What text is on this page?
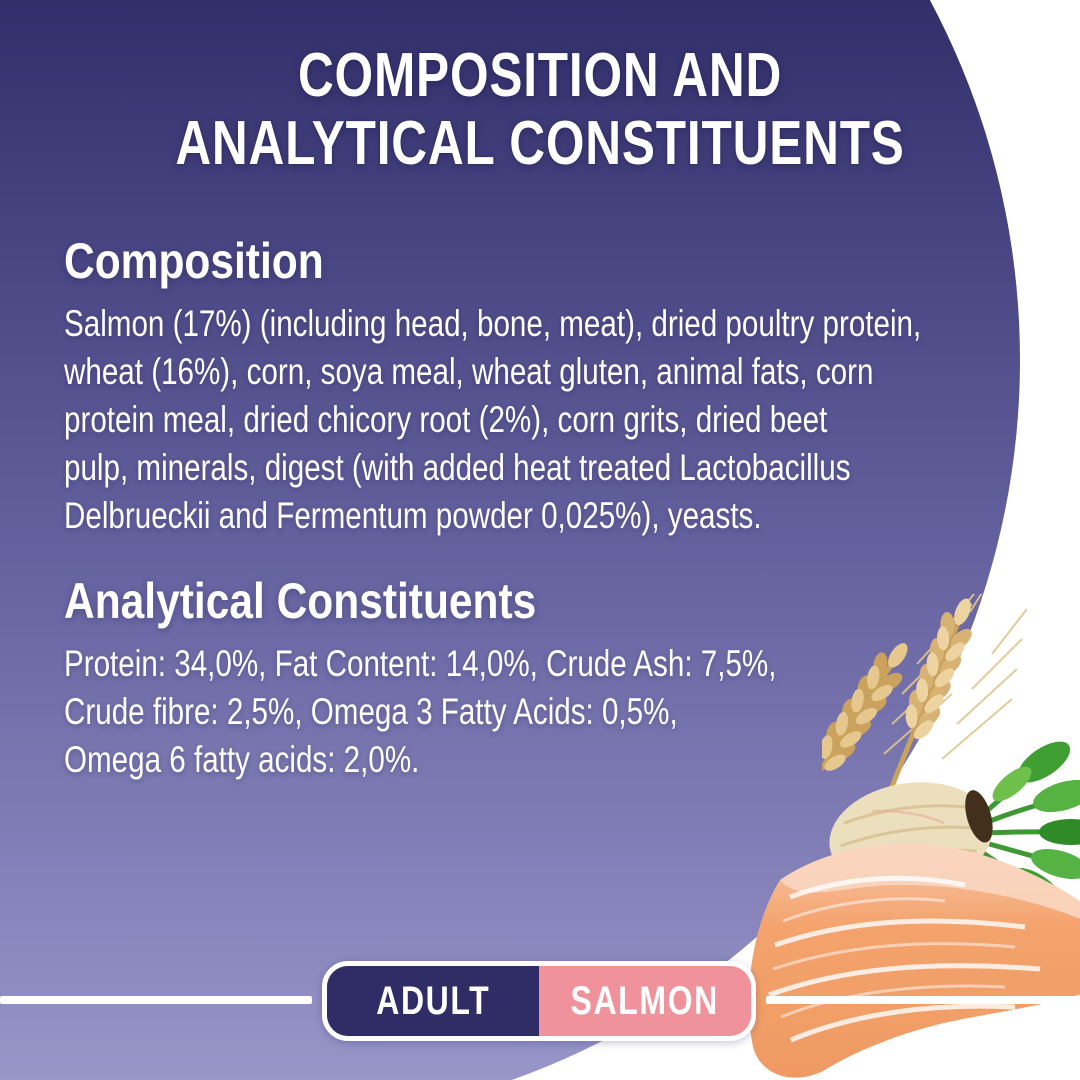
COMPOSITION AND
ANALYTICAL CONSTITUENTS
Composition
Salmon (17%) (including head, bone, meat), dried poultry protein,
wheat (16%), corn, soya meal, wheat gluten, animal fats, corn
protein meal, dried chicory root (2%), corn grits, dried beet
pulp, minerals, digest (with added heat treated Lactobacillus
Delbrueckii and Fermentum powder 0,025%), yeasts.
Analytical Constituents
Protein: 34,0%, Fat Content: 14,0%, Crude Ash: 7,5%,
Crude fibre: 2,5%, Omega 3 Fatty Acids: 0,5%,
Omega 6 fatty acids: 2,0%.
ADULT SALMON
